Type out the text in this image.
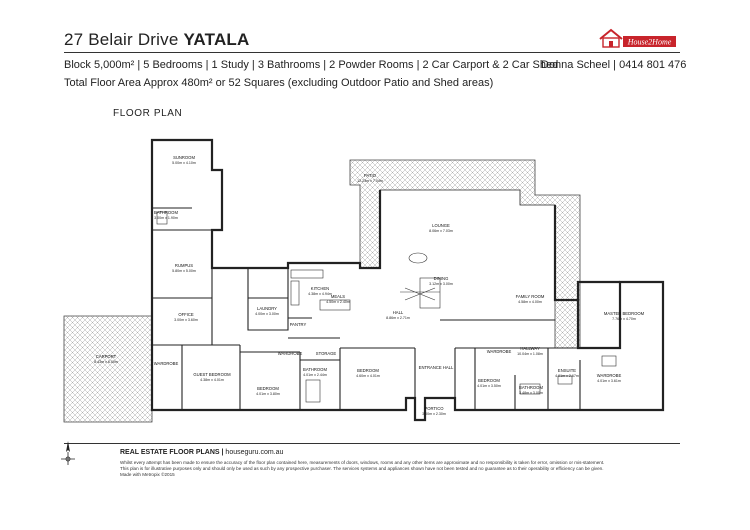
27 Belair Drive YATALA	House2Home
Block 5,000m² | 5 Bedrooms | 1 Study | 3 Bathrooms | 2 Powder Rooms | 2 Car Carport & 2 Car Shed
Donna Scheel | 0414 801 476
Total Floor Area Approx 480m² or 52 Squares (excluding Outdoor Patio and Shed areas)
FLOOR PLAN
SUNROOM
5.00m x 4.10m
BATHROOM
3.00m x 1.90m
RUMPUS
5.80m x 5.00m
OFFICE
3.00m x 3.60m
CARPORT
8.43m x 6.00m	WARDROBE
GUEST BEDROOM
4.38m x 4.01m
LAUNDRY
4.00m x 3.00m
PANTRY
KITCHEN
4.38m x 4.94m MEALS
4.50m x 2.40m
PATIO
12.23m x 7.04m
LOUNGE
8.06m x 7.03m
DINING
3.12m x 3.00m
HALL
8.86m x 2.71m
FAMILY ROOM
4.58m x 4.00m
MASTER BEDROOM
7.76m x 4.70m
WARDROBE
HALLWAY
10.04m x 1.08m
ENSUITE
4.01m x 2.67m	WARDROBE
4.01m x 3.61m
BEDROOM
4.01m x 3.50m	BATHROOM
3.48m x 3.00m
ENTRANCE HALL
PORTICO
3.00m x 2.30m
BEDROOM
4.60m x 4.01m
BATHROOM
4.01m x 2.44m
STORAGE
WARDROBE
BEDROOM
4.01m x 3.80m
REAL ESTATE FLOOR PLANS | houseguru.com.au

Whilst every attempt has been made to ensure the accuracy of the floor plan contained here, measurements of doors, windows, rooms and any other items are approximate and no responsibility is taken for error, omission or mis-statement.

This plan is for illustrative purposes only and should only be used as such by any prospective purchaser. The services systems and appliances shown have not been tested and no guarantee as to their operability or efficiency can be given.

Made with Metropix ©2015
